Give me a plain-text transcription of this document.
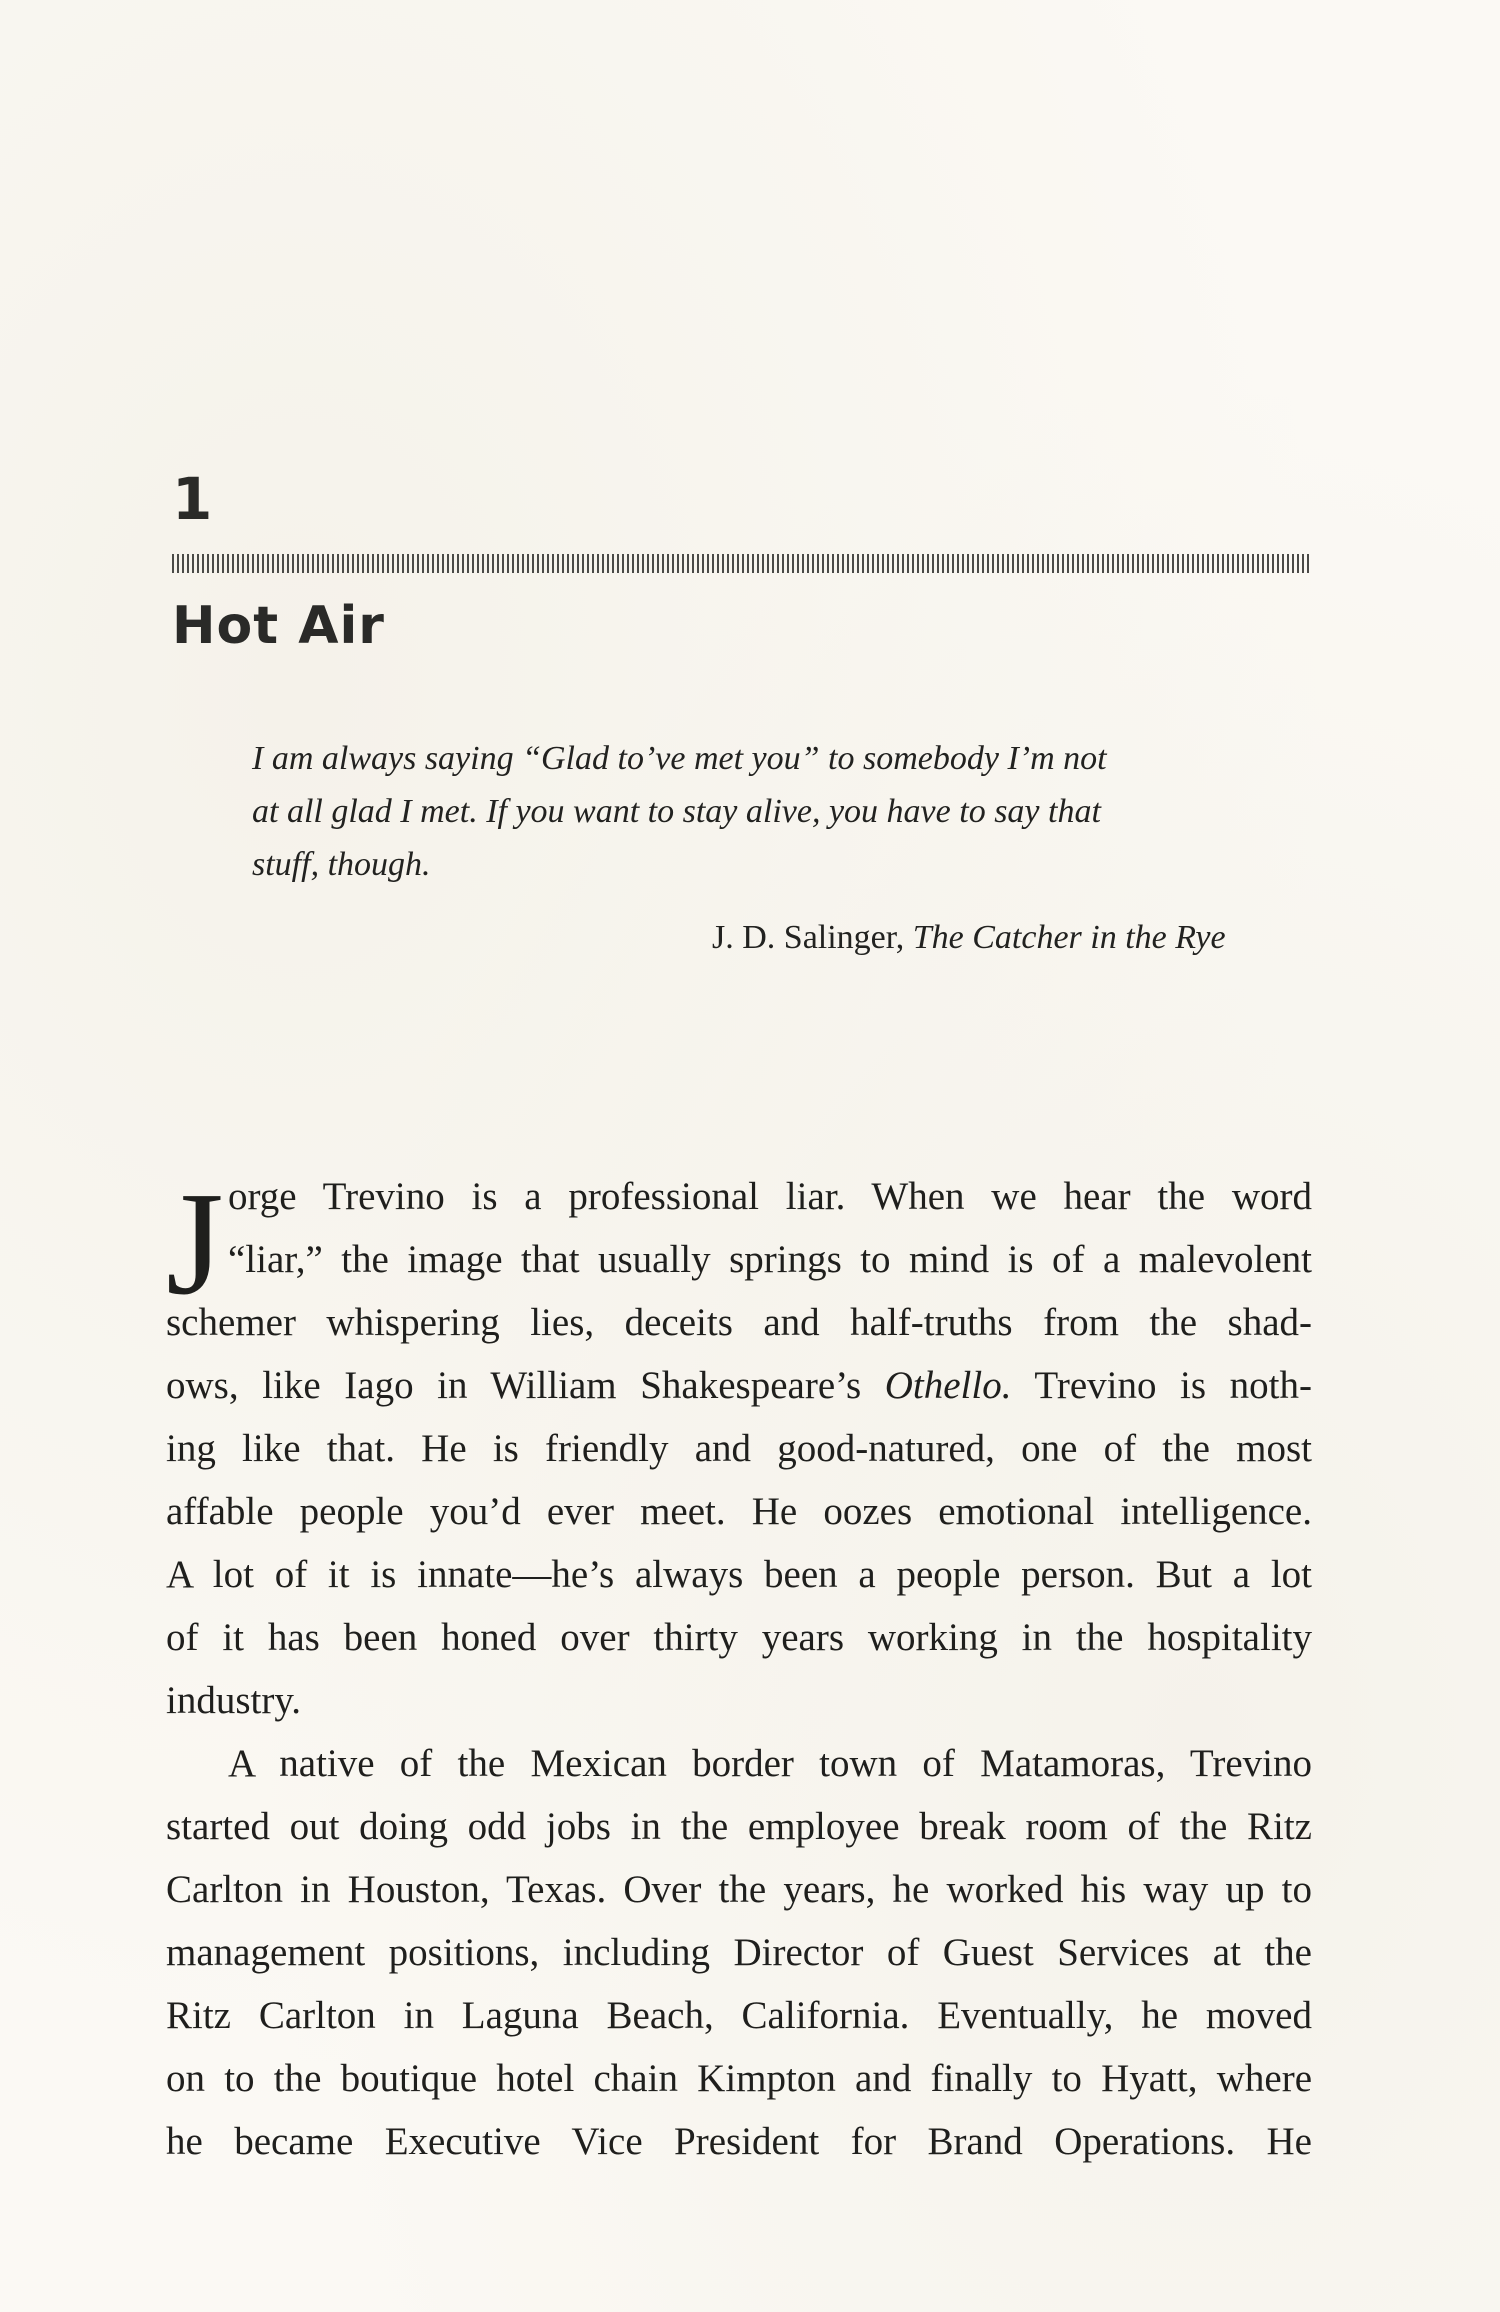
1
Hot Air
I am always saying “Glad to’ve met you” to somebody I’m not
at all glad I met. If you want to stay alive, you have to say that
stuff, though.
J. D. Salinger, The Catcher in the Rye
J orge Trevino is a professional liar. When we hear the word
“liar,” the image that usually springs to mind is of a malevolent
schemer whispering lies, deceits and half-truths from the shad-
ows, like Iago in William Shakespeare’s Othello. Trevino is noth-
ing like that. He is friendly and good-natured, one of the most
affable people you’d ever meet. He oozes emotional intelligence.
A lot of it is innate—he’s always been a people person. But a lot
of it has been honed over thirty years working in the hospitality
industry.
A native of the Mexican border town of Matamoras, Trevino
started out doing odd jobs in the employee break room of the Ritz
Carlton in Houston, Texas. Over the years, he worked his way up to
management positions, including Director of Guest Services at the
Ritz Carlton in Laguna Beach, California. Eventually, he moved
on to the boutique hotel chain Kimpton and finally to Hyatt, where
he became Executive Vice President for Brand Operations. He
